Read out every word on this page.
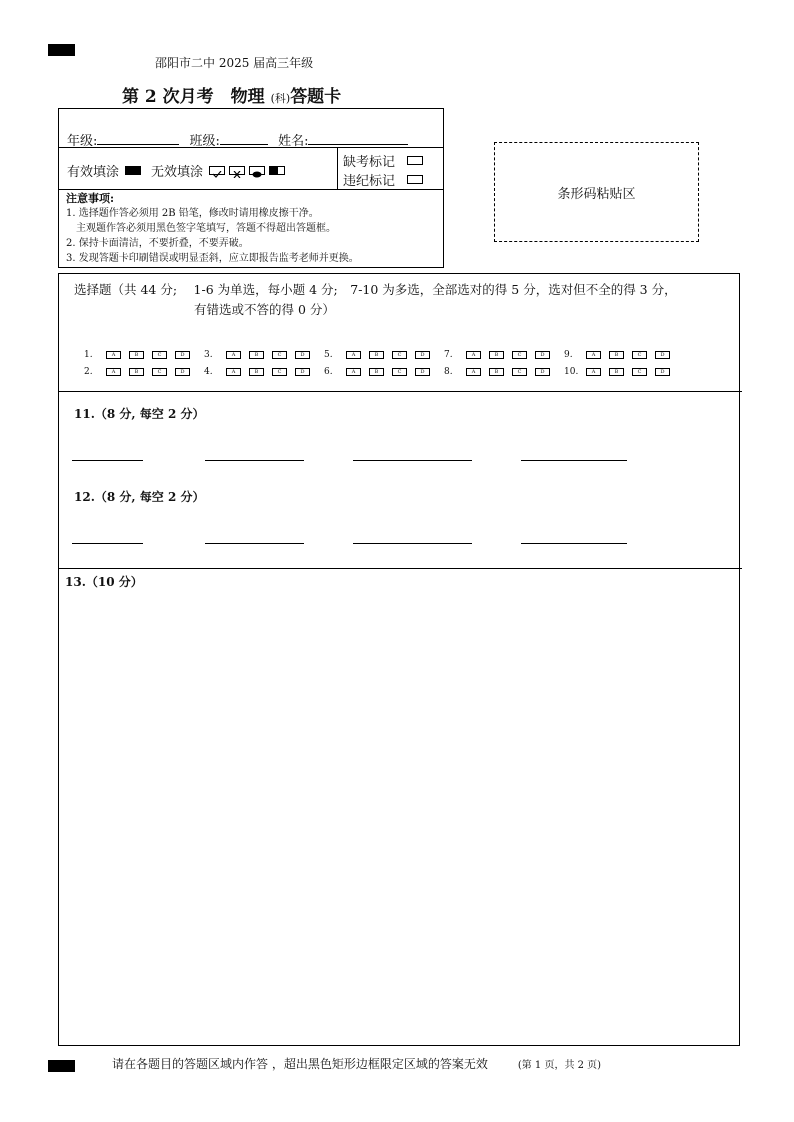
邵阳市二中 2025 届高三年级
第 2 次月考　物理 (科)答题卡
年级:	班级:	姓名:
有效填涂 无效填涂
缺考标记
违纪标记
注意事项:
1. 选择题作答必须用 2B 铅笔，修改时请用橡皮擦干净。
　主观题作答必须用黑色签字笔填写，答题不得超出答题框。
2. 保持卡面清洁，不要折叠，不要弄破。
3. 发现答题卡印刷错误或明显歪斜，应立即报告监考老师并更换。
条形码粘贴区
选择题（共 44 分;　 1-6 为单选，每小题 4 分;　7-10 为多选，全部选对的得 5 分，选对但不全的得 3 分，
有错选或不答的得 0 分）
1.	A	B	C	D 3.	A	B	C	D 5.	A	B	C	D 7.	A	B	C	D 9.	A	B	C	D
2.	A	B	C	D 4.	A	B	C	D 6.	A	B	C	D 8.	A	B	C	D 10.	A	B	C	D
11.（8 分, 每空 2 分）
12.（8 分, 每空 2 分）
13.（10 分）
请在各题目的答题区域内作答 ，超出黑色矩形边框限定区域的答案无效	(第 1 页，共 2 页)
